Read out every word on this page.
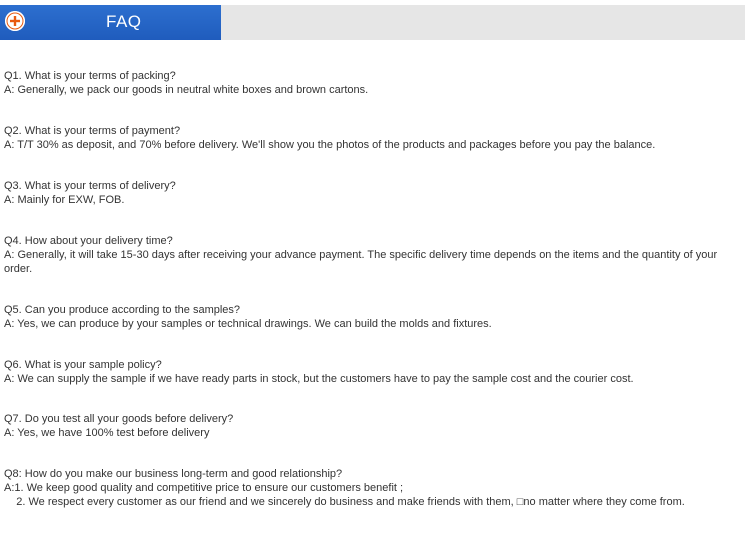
FAQ
Q1. What is your terms of packing?
A: Generally, we pack our goods in neutral white boxes and brown cartons.
Q2. What is your terms of payment?
A: T/T 30% as deposit, and 70% before delivery. We'll show you the photos of the products and packages before you pay the balance.
Q3. What is your terms of delivery?
A: Mainly for EXW, FOB.
Q4. How about your delivery time?
A: Generally, it will take 15-30 days after receiving your advance payment. The specific delivery time depends on the items and the quantity of your order.
Q5. Can you produce according to the samples?
A: Yes, we can produce by your samples or technical drawings. We can build the molds and fixtures.
Q6. What is your sample policy?
A: We can supply the sample if we have ready parts in stock, but the customers have to pay the sample cost and the courier cost.
Q7. Do you test all your goods before delivery?
A: Yes, we have 100% test before delivery
Q8: How do you make our business long-term and good relationship?
A:1. We keep good quality and competitive price to ensure our customers benefit ;
2. We respect every customer as our friend and we sincerely do business and make friends with them, □no matter where they come from.
